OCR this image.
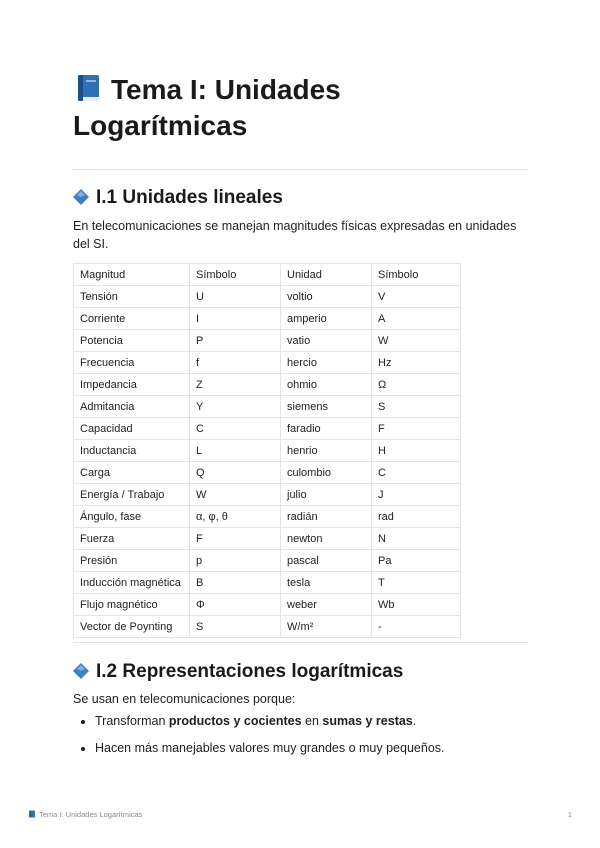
Tema I: Unidades
Logarítmicas
I.1 Unidades lineales

En telecomunicaciones se manejan magnitudes físicas expresadas en unidades del SI.

Magnitud	Símbolo	Unidad	Símbolo
Tensión	U	voltio	V
Corriente	I	amperio	A
Potencia	P	vatio	W
Frecuencia	f	hercio	Hz
Impedancia	Z	ohmio	Ω
Admitancia	Y	siemens	S
Capacidad	C	faradio	F
Inductancia	L	henrio	H
Carga	Q	culombio	C
Energía / Trabajo	W	julio	J
Ángulo, fase	α, φ, θ	radián	rad
Fuerza	F	newton	N
Presión	p	pascal	Pa
Inducción magnética	B	tesla	T
Flujo magnético	Φ	weber	Wb
Vector de Poynting	S	W/m²	-
I.2 Representaciones logarítmicas

Se usan en telecomunicaciones porque:

• Transforman productos y cocientes en sumas y restas.
• Hacen más manejables valores muy grandes o muy pequeños.
Tema I: Unidades Logarítmicas	1
